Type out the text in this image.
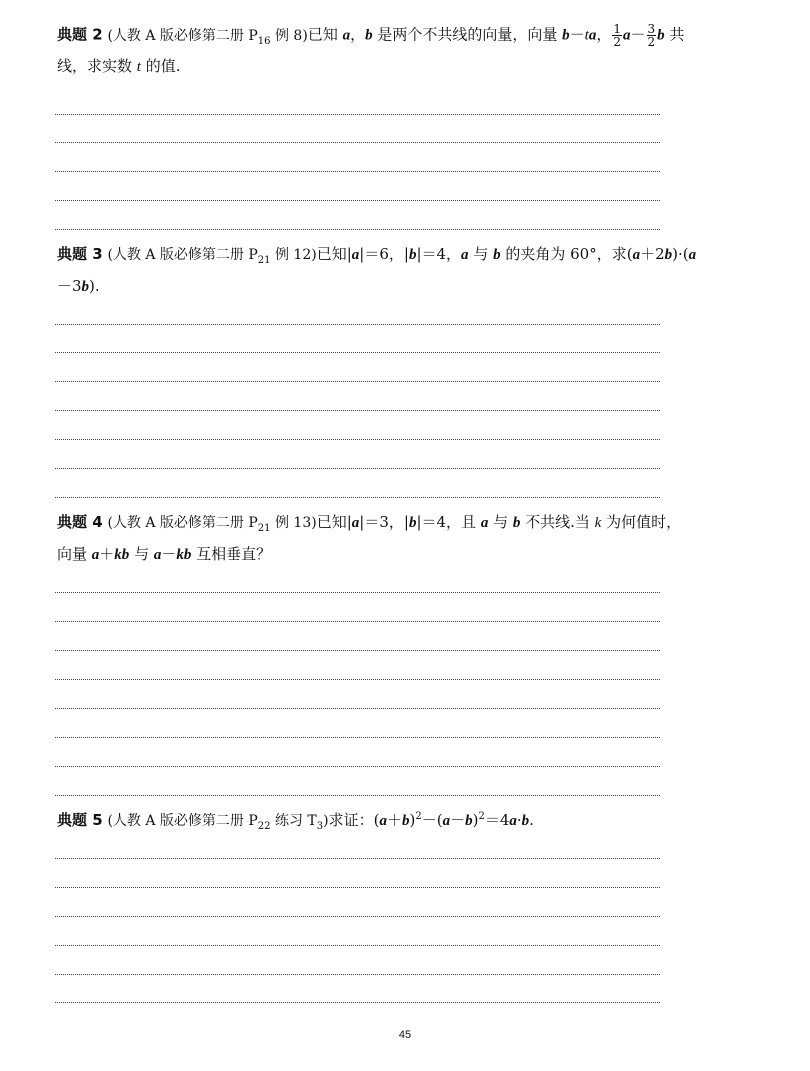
典题 2 (人教 A 版必修第二册 $P_{16}$ 例 8)已知 a，b 是两个不共线的向量，向量 b－ta， $\frac{1}{2} a- \frac{3}{2}$ b 共
线，求实数 t 的值.
典题 3 (人教 A 版必修第二册 $P_{21}$ 例 12)已知|a|＝6，|b|＝4，a 与 b 的夹角为 60°，求(a＋2b)·(a
－3b).
典题 4 (人教 A 版必修第二册 $P_{21}$ 例 13)已知|a|＝3，|b|＝4，且 a 与 b 不共线.当 k 为何值时，
向量 a＋kb 与 a－kb 互相垂直？
典题 5 (人教 A 版必修第二册 $P_{22}$ 练习 $T_3$)求证：$(a+b)^2-(a-b)^2=4a\cdot b$.
45
